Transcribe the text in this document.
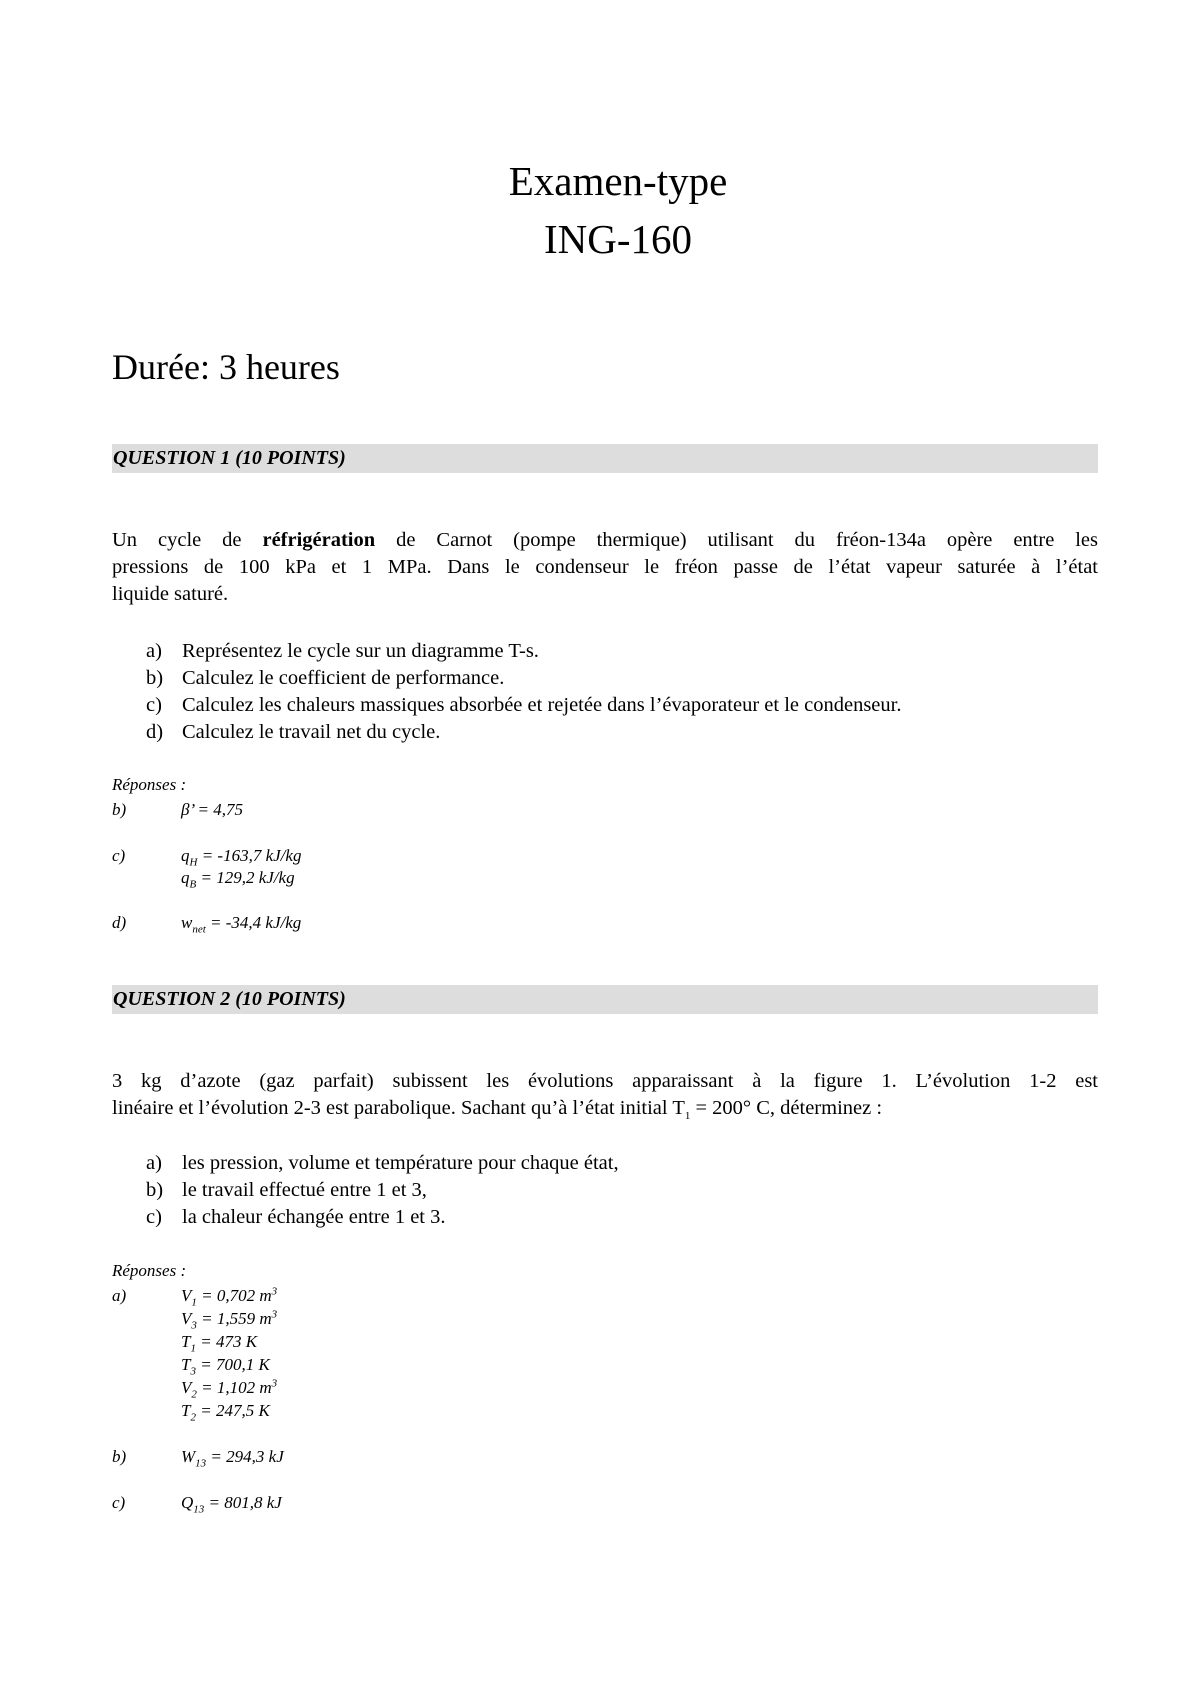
Examen-type
ING-160
Durée: 3 heures
QUESTION 1 (10 POINTS)
Un cycle de réfrigération de Carnot (pompe thermique) utilisant du fréon-134a opère entre les
pressions de 100 kPa et 1 MPa. Dans le condenseur le fréon passe de l’état vapeur saturée à l’état
liquide saturé.
a) Représentez le cycle sur un diagramme T-s.
b) Calculez le coefficient de performance.
c) Calculez les chaleurs massiques absorbée et rejetée dans l’évaporateur et le condenseur.
d) Calculez le travail net du cycle.
Réponses :
b)	β’ = 4,75
c)	$q_H = -163,7$ kJ/kg
$q_B = 129,2$ kJ/kg
d)	$w_{net} = -34,4$ kJ/kg
QUESTION 2 (10 POINTS)
3 kg d’azote (gaz parfait) subissent les évolutions apparaissant à la figure 1. L’évolution 1-2 est
linéaire et l’évolution 2-3 est parabolique. Sachant qu’à l’état initial $T_1 = 200^\circ$ C, déterminez :
a) les pression, volume et température pour chaque état,
b) le travail effectué entre 1 et 3,
c) la chaleur échangée entre 1 et 3.
Réponses :
a)	$V_1 = 0,702$ $m^3$
$V_3 = 1,559$ $m^3$
$T_1 = 473$ K
$T_3 = 700,1$ K
$V_2 = 1,102$ $m^3$
$T_2 = 247,5$ K
b)	$W_{13} = 294,3$ kJ
c)	$Q_{13} = 801,8$ kJ
